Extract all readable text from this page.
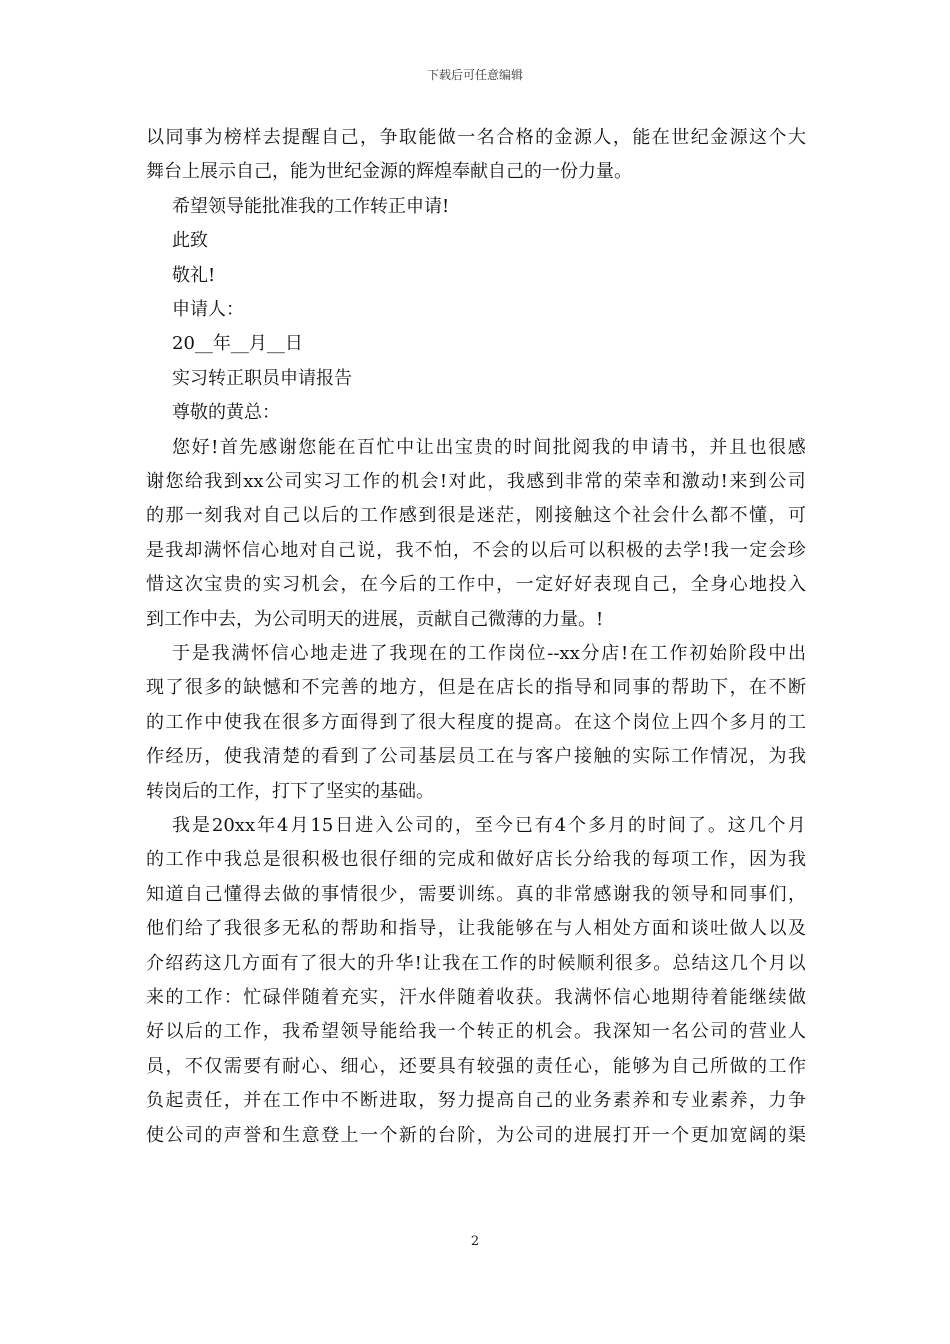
下载后可任意编辑
以 同 事 为 榜 样 去 提 醒 自 己 ， 争 取 能 做 一 名 合 格 的 金 源 人 ， 能 在 世 纪 金 源 这 个 大
舞台上展示自己，能为世纪金源的辉煌奉献自己的一份力量。
希望领导能批准我的工作转正申请!
此致
敬礼!
申请人：
20__年__月__日
实习转正职员申请报告
尊敬的黄总：
您 好 ! 首 先 感 谢 您 能 在 百 忙 中 让 出 宝 贵 的 时 间 批 阅 我 的 申 请 书 ， 并 且 也 很 感
谢 您 给 我 到 xx 公 司 实 习 工 作 的 机 会 ! 对 此 ， 我 感 到 非 常 的 荣 幸 和 激 动 ! 来 到 公 司
的 那 一 刻 我 对 自 己 以 后 的 工 作 感 到 很 是 迷 茫 ， 刚 接 触 这 个 社 会 什 么 都 不 懂 ， 可
是 我 却 满 怀 信 心 地 对 自 己 说 ， 我 不 怕 ， 不 会 的 以 后 可 以 积 极 的 去 学 ! 我 一 定 会 珍
惜 这 次 宝 贵 的 实 习 机 会 ， 在 今 后 的 工 作 中 ， 一 定 好 好 表 现 自 己 ， 全 身 心 地 投 入
到工作中去，为公司明天的进展，贡献自己微薄的力量。!
于 是 我 满 怀 信 心 地 走 进 了 我 现 在 的 工 作 岗 位 --xx 分 店 ! 在 工 作 初 始 阶 段 中 出
现 了 很 多 的 缺 憾 和 不 完 善 的 地 方 ， 但 是 在 店 长 的 指 导 和 同 事 的 帮 助 下 ， 在 不 断
的 工 作 中 使 我 在 很 多 方 面 得 到 了 很 大 程 度 的 提 高 。 在 这 个 岗 位 上 四 个 多 月 的 工
作 经 历 ， 使 我 清 楚 的 看 到 了 公 司 基 层 员 工 在 与 客 户 接 触 的 实 际 工 作 情 况 ， 为 我
转岗后的工作，打下了坚实的基础。
我 是 20xx 年 4 月 15 日 进 入 公 司 的 ， 至 今 已 有 4 个 多 月 的 时 间 了 。 这 几 个 月
的 工 作 中 我 总 是 很 积 极 也 很 仔 细 的 完 成 和 做 好 店 长 分 给 我 的 每 项 工 作 ， 因 为 我
知 道 自 己 懂 得 去 做 的 事 情 很 少 ， 需 要 训 练 。 真 的 非 常 感 谢 我 的 领 导 和 同 事 们 ，
他 们 给 了 我 很 多 无 私 的 帮 助 和 指 导 ， 让 我 能 够 在 与 人 相 处 方 面 和 谈 吐 做 人 以 及
介 绍 药 这 几 方 面 有 了 很 大 的 升 华 ! 让 我 在 工 作 的 时 候 顺 利 很 多 。 总 结 这 几 个 月 以
来 的 工 作 ： 忙 碌 伴 随 着 充 实 ， 汗 水 伴 随 着 收 获 。 我 满 怀 信 心 地 期 待 着 能 继 续 做
好 以 后 的 工 作 ， 我 希 望 领 导 能 给 我 一 个 转 正 的 机 会 。 我 深 知 一 名 公 司 的 营 业 人
员 ， 不 仅 需 要 有 耐 心 、 细 心 ， 还 要 具 有 较 强 的 责 任 心 ， 能 够 为 自 己 所 做 的 工 作
负 起 责 任 ， 并 在 工 作 中 不 断 进 取 ， 努 力 提 高 自 己 的 业 务 素 养 和 专 业 素 养 ， 力 争
使 公 司 的 声 誉 和 生 意 登 上 一 个 新 的 台 阶 ， 为 公 司 的 进 展 打 开 一 个 更 加 宽 阔 的 渠
2
